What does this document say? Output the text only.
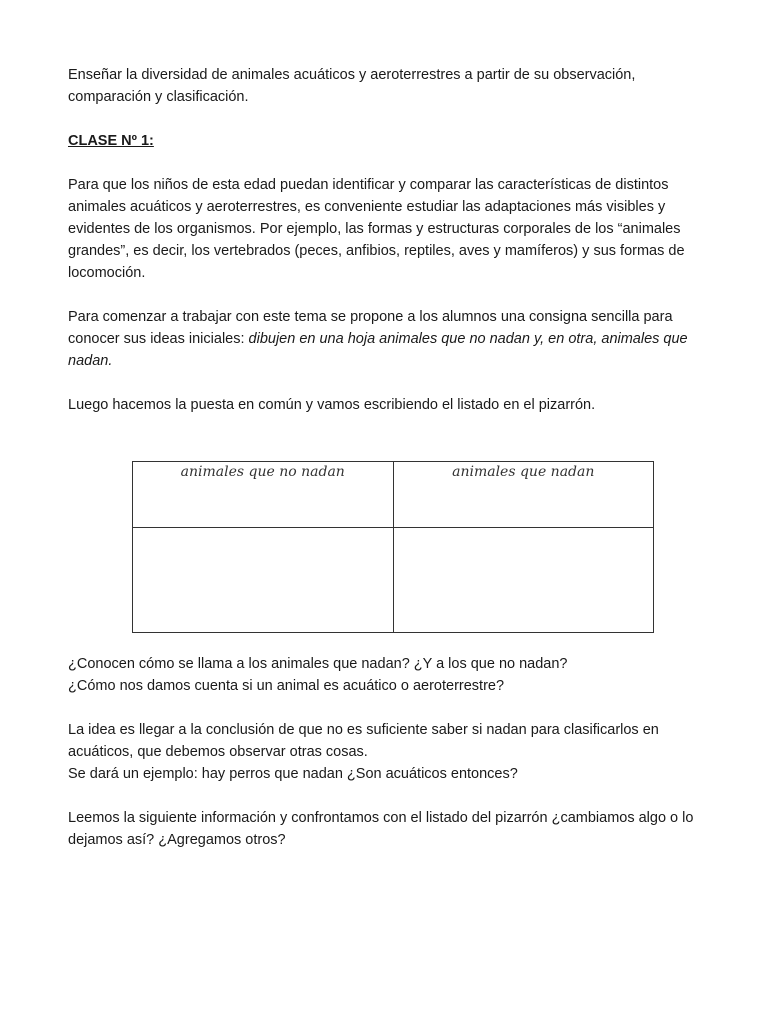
Enseñar la diversidad de animales acuáticos y aeroterrestres a partir de su observación, comparación y clasificación.

CLASE Nº 1:

Para que los niños de esta edad puedan identificar y comparar las características de distintos animales acuáticos y aeroterrestres, es conveniente estudiar las adaptaciones más visibles y evidentes de los organismos. Por ejemplo, las formas y estructuras corporales de los “animales grandes”, es decir, los vertebrados (peces, anfibios, reptiles, aves y mamíferos) y sus formas de locomoción.

Para comenzar a trabajar con este tema se propone a los alumnos una consigna sencilla para conocer sus ideas iniciales: dibujen en una hoja animales que no nadan y, en otra, animales que nadan.

Luego hacemos la puesta en común y vamos escribiendo el listado en el pizarrón.

animales que no nadan	animales que nadan

¿Conocen cómo se llama a los animales que nadan? ¿Y a los que no nadan?

¿Cómo nos damos cuenta si un animal es acuático o aeroterrestre?

La idea es llegar a la conclusión de que no es suficiente saber si nadan para clasificarlos en acuáticos, que debemos observar otras cosas.

Se dará un ejemplo: hay perros que nadan ¿Son acuáticos entonces?

Leemos la siguiente información y confrontamos con el listado del pizarrón ¿cambiamos algo o lo dejamos así? ¿Agregamos otros?
